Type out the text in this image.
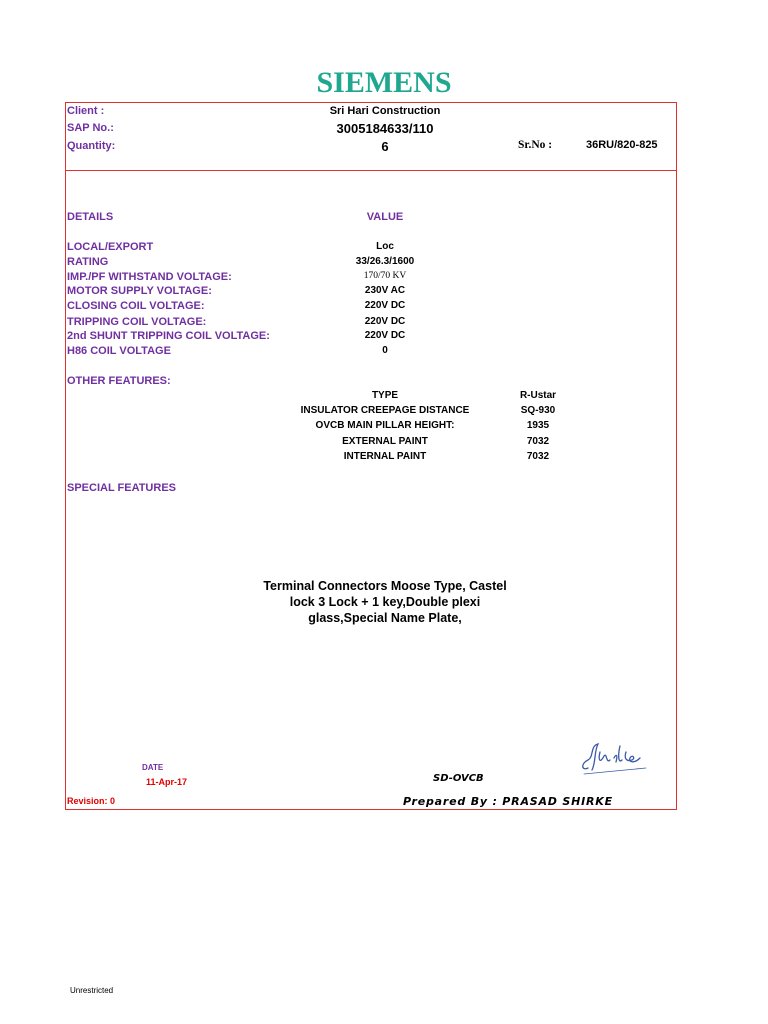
SIEMENS
Client :	Sri Hari Construction
SAP No.:	3005184633/110
Quantity:	6	Sr.No :	36RU/820-825
DETAILS	VALUE
LOCAL/EXPORT	Loc
RATING	33/26.3/1600
IMP./PF WITHSTAND VOLTAGE:	170/70 KV
MOTOR SUPPLY VOLTAGE:	230V AC
CLOSING COIL VOLTAGE:	220V DC
TRIPPING COIL VOLTAGE:	220V DC
2nd SHUNT TRIPPING COIL VOLTAGE:	220V DC
H86 COIL VOLTAGE	0
OTHER FEATURES:
TYPE	R-Ustar
INSULATOR CREEPAGE DISTANCE	SQ-930
OVCB MAIN PILLAR HEIGHT:	1935
EXTERNAL PAINT	7032
INTERNAL PAINT	7032
SPECIAL FEATURES
Terminal Connectors Moose Type, Castel
lock 3 Lock + 1 key,Double plexi
glass,Special Name Plate,
DATE
11-Apr-17
Revision: 0
SD-OVCB
Prepared By : PRASAD SHIRKE
Unrestricted
